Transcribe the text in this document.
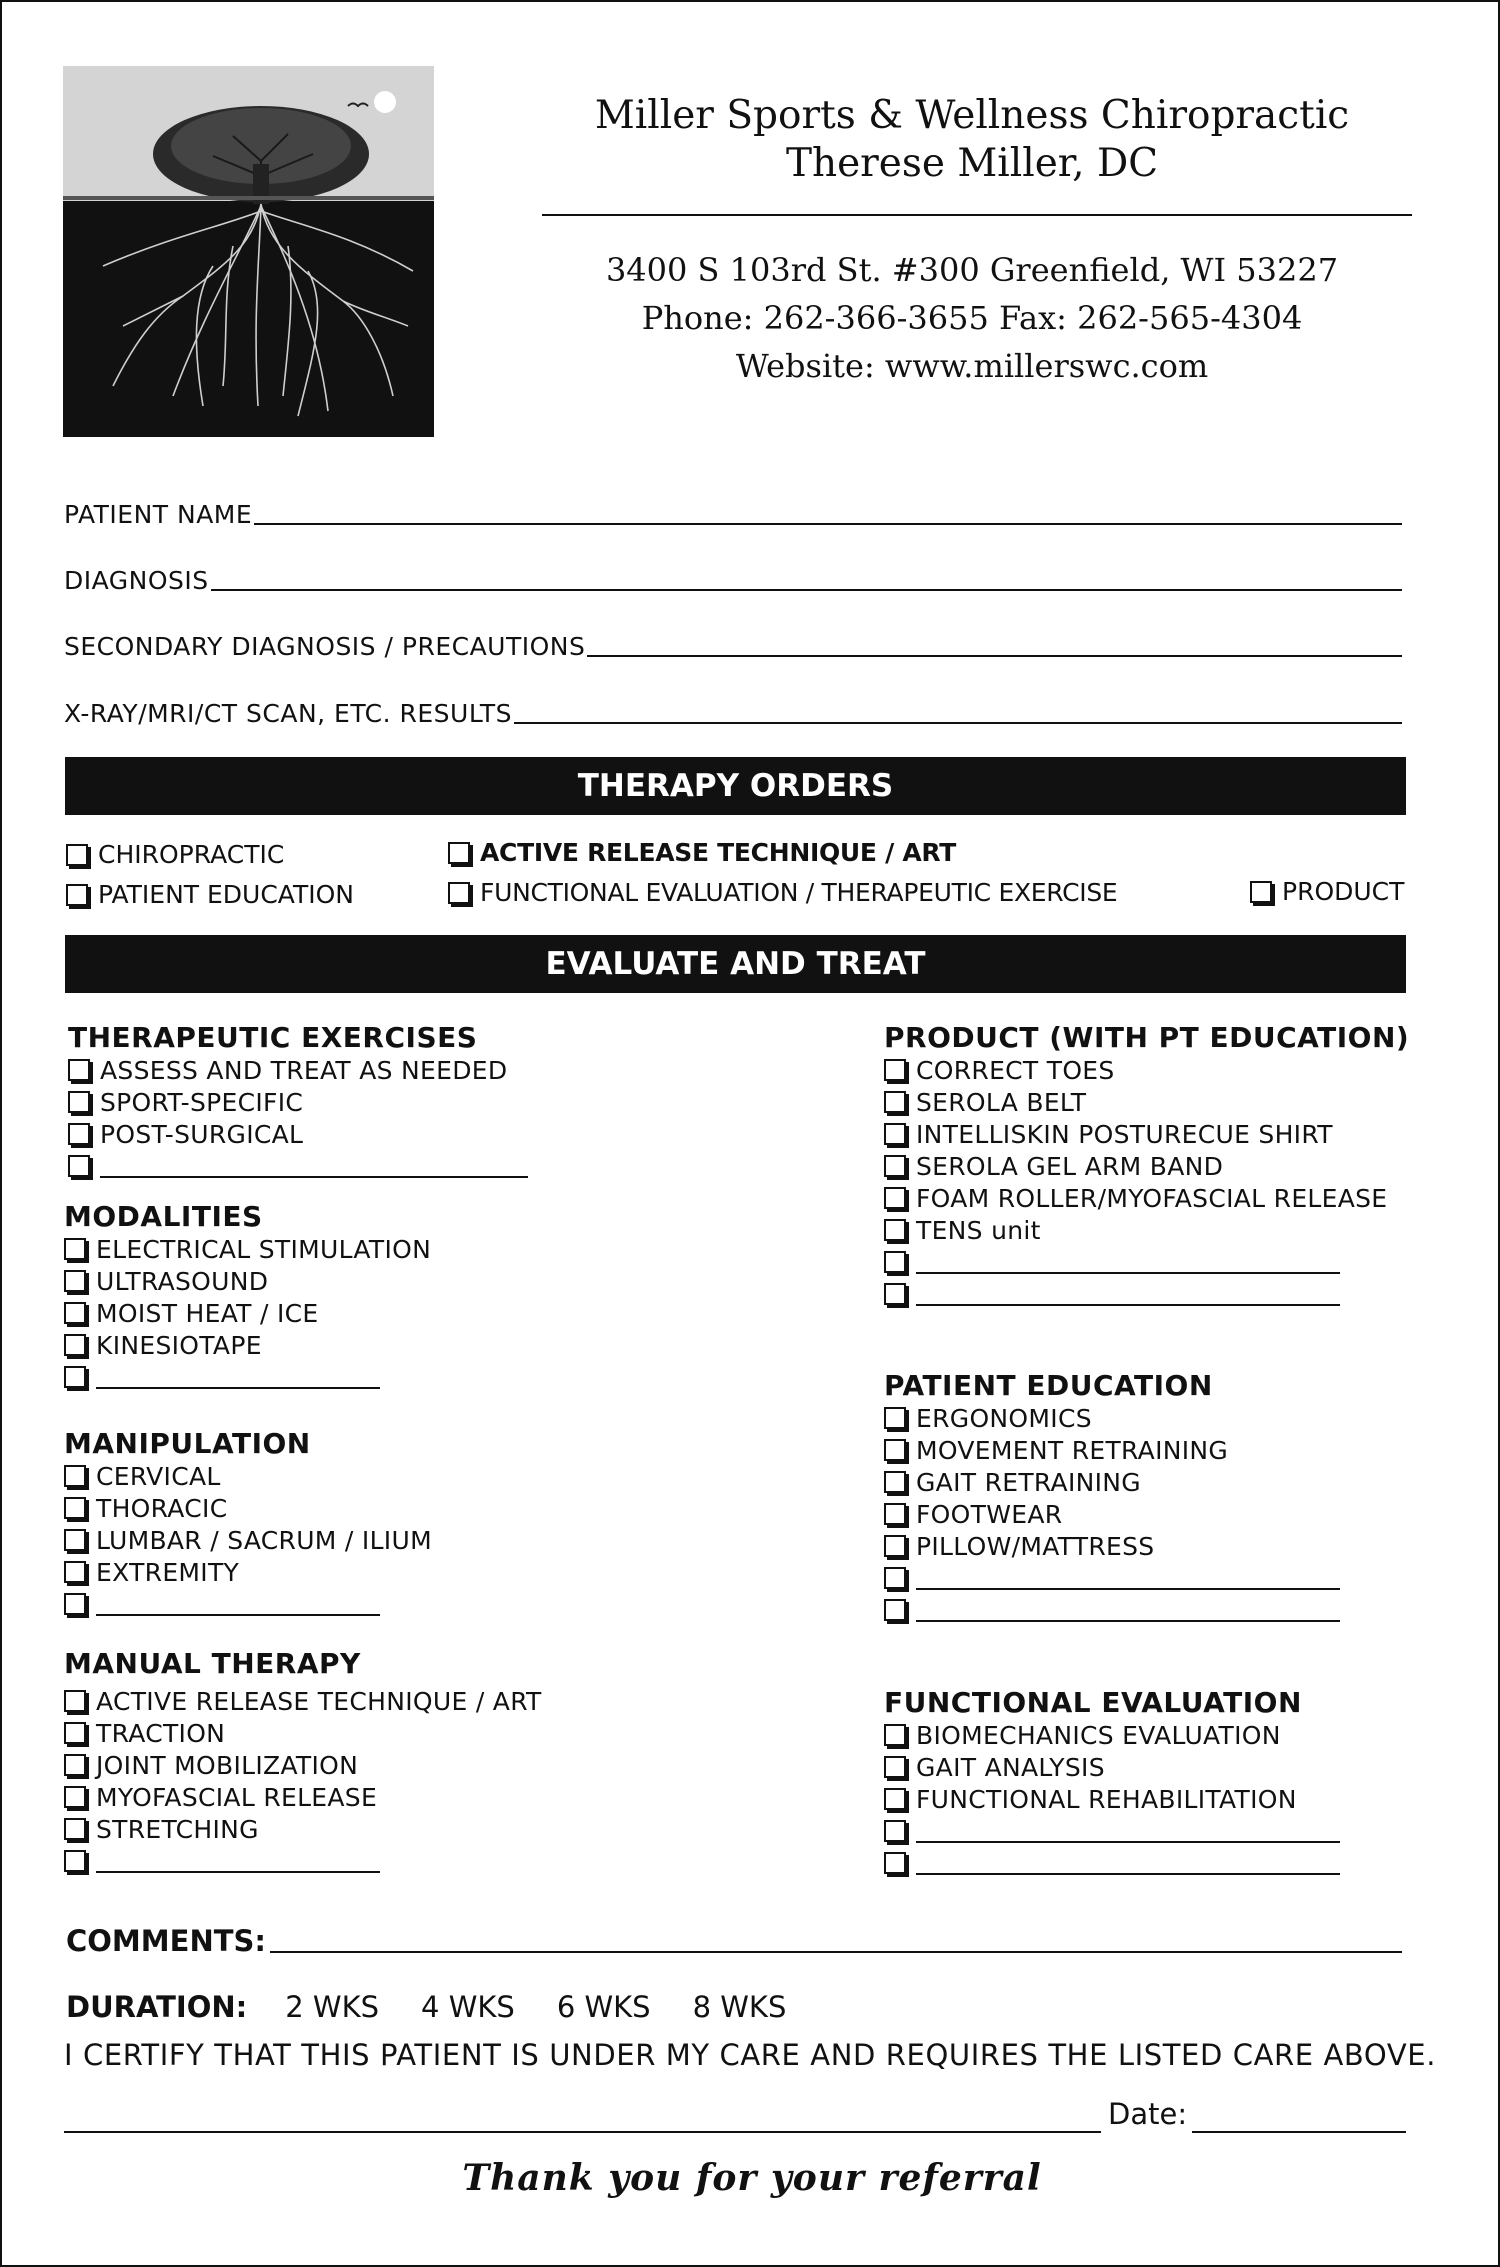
Miller Sports & Wellness Chiropractic
Therese Miller, DC
3400 S 103rd St. #300 Greenfield, WI 53227
Phone: 262-366-3655 Fax: 262-565-4304
Website: www.millerswc.com
PATIENT NAME
DIAGNOSIS
SECONDARY DIAGNOSIS / PRECAUTIONS
X-RAY/MRI/CT SCAN, ETC. RESULTS
THERAPY ORDERS
CHIROPRACTIC	ACTIVE RELEASE TECHNIQUE / ART
PATIENT EDUCATION	FUNCTIONAL EVALUATION / THERAPEUTIC EXERCISE	PRODUCT
EVALUATE AND TREAT
THERAPEUTIC EXERCISES
ASSESS AND TREAT AS NEEDED
SPORT-SPECIFIC
POST-SURGICAL
MODALITIES
ELECTRICAL STIMULATION
ULTRASOUND
MOIST HEAT / ICE
KINESIOTAPE
MANIPULATION
CERVICAL
THORACIC
LUMBAR / SACRUM / ILIUM
EXTREMITY
MANUAL THERAPY
ACTIVE RELEASE TECHNIQUE / ART
TRACTION
JOINT MOBILIZATION
MYOFASCIAL RELEASE
STRETCHING
PRODUCT (WITH PT EDUCATION)
CORRECT TOES
SEROLA BELT
INTELLISKIN POSTURECUE SHIRT
SEROLA GEL ARM BAND
FOAM ROLLER/MYOFASCIAL RELEASE
TENS unit
PATIENT EDUCATION
ERGONOMICS
MOVEMENT RETRAINING
GAIT RETRAINING
FOOTWEAR
PILLOW/MATTRESS
FUNCTIONAL EVALUATION
BIOMECHANICS EVALUATION
GAIT ANALYSIS
FUNCTIONAL REHABILITATION
COMMENTS:
DURATION: 2 WKS 4 WKS 6 WKS 8 WKS
I CERTIFY THAT THIS PATIENT IS UNDER MY CARE AND REQUIRES THE LISTED CARE ABOVE.
Date:
Thank you for your referral
